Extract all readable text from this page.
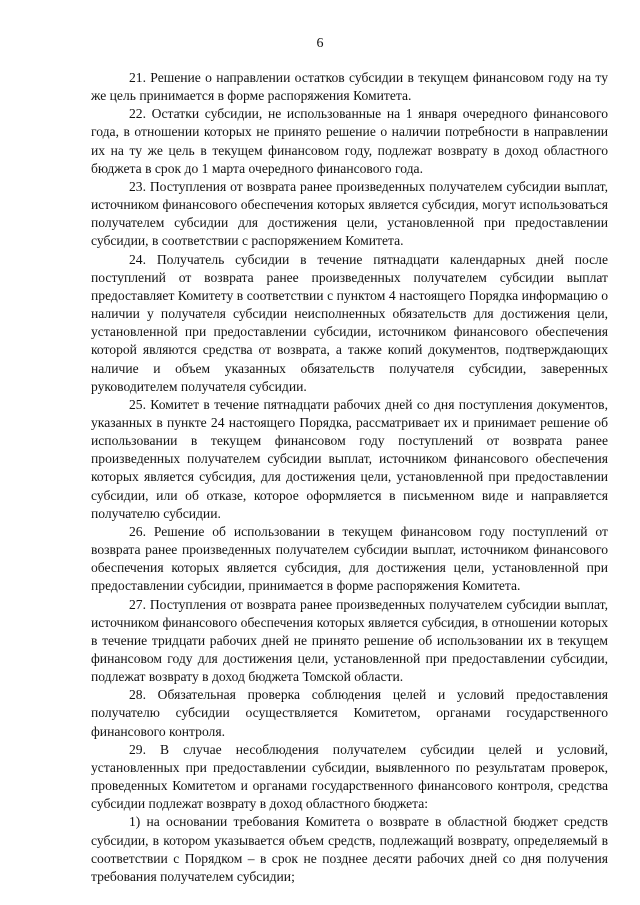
6

21. Решение о направлении остатков субсидии в текущем финансовом году на ту же цель принимается в форме распоряжения Комитета.

22. Остатки субсидии, не использованные на 1 января очередного финансового года, в отношении которых не принято решение о наличии потребности в направлении их на ту же цель в текущем финансовом году, подлежат возврату в доход областного бюджета в срок до 1 марта очередного финансового года.

23. Поступления от возврата ранее произведенных получателем субсидии выплат, источником финансового обеспечения которых является субсидия, могут использоваться получателем субсидии для достижения цели, установленной при предоставлении субсидии, в соответствии с распоряжением Комитета.

24. Получатель субсидии в течение пятнадцати календарных дней после поступлений от возврата ранее произведенных получателем субсидии выплат предоставляет Комитету в соответствии с пунктом 4 настоящего Порядка информацию о наличии у получателя субсидии неисполненных обязательств для достижения цели, установленной при предоставлении субсидии, источником финансового обеспечения которой являются средства от возврата, а также копий документов, подтверждающих наличие и объем указанных обязательств получателя субсидии, заверенных руководителем получателя субсидии.

25. Комитет в течение пятнадцати рабочих дней со дня поступления документов, указанных в пункте 24 настоящего Порядка, рассматривает их и принимает решение об использовании в текущем финансовом году поступлений от возврата ранее произведенных получателем субсидии выплат, источником финансового обеспечения которых является субсидия, для достижения цели, установленной при предоставлении субсидии, или об отказе, которое оформляется в письменном виде и направляется получателю субсидии.

26. Решение об использовании в текущем финансовом году поступлений от возврата ранее произведенных получателем субсидии выплат, источником финансового обеспечения которых является субсидия, для достижения цели, установленной при предоставлении субсидии, принимается в форме распоряжения Комитета.

27. Поступления от возврата ранее произведенных получателем субсидии выплат, источником финансового обеспечения которых является субсидия, в отношении которых в течение тридцати рабочих дней не принято решение об использовании их в текущем финансовом году для достижения цели, установленной при предоставлении субсидии, подлежат возврату в доход бюджета Томской области.

28. Обязательная проверка соблюдения целей и условий предоставления получателю субсидии осуществляется Комитетом, органами государственного финансового контроля.

29. В случае несоблюдения получателем субсидии целей и условий, установленных при предоставлении субсидии, выявленного по результатам проверок, проведенных Комитетом и органами государственного финансового контроля, средства субсидии подлежат возврату в доход областного бюджета:

1) на основании требования Комитета о возврате в областной бюджет средств субсидии, в котором указывается объем средств, подлежащий возврату, определяемый в соответствии с Порядком – в срок не позднее десяти рабочих дней со дня получения требования получателем субсидии;
